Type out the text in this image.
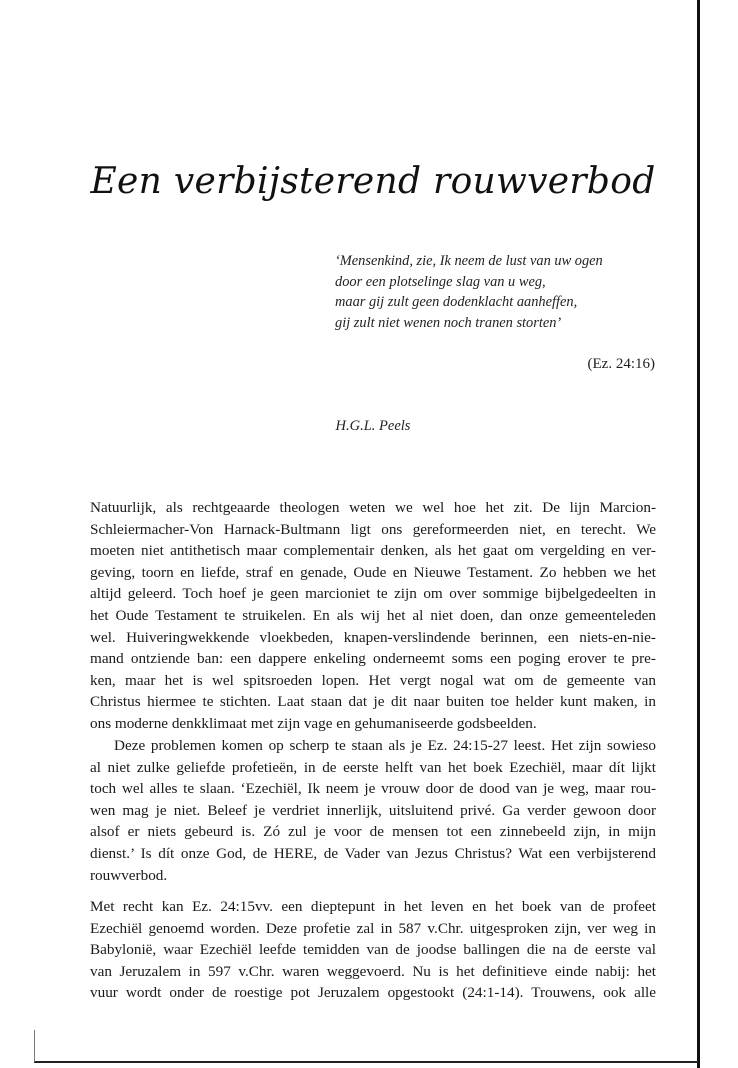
Een verbijsterend rouwverbod
‘Mensenkind, zie, Ik neem de lust van uw ogen
door een plotselinge slag van u weg,
maar gij zult geen dodenklacht aanheffen,
gij zult niet wenen noch tranen storten’
(Ez. 24:16)
H.G.L. Peels
Natuurlijk, als rechtgeaarde theologen weten we wel hoe het zit. De lijn Marcion-
Schleiermacher-Von Harnack-Bultmann ligt ons gereformeerden niet, en terecht. We
moeten niet antithetisch maar complementair denken, als het gaat om vergelding en ver-
geving, toorn en liefde, straf en genade, Oude en Nieuwe Testament. Zo hebben we het
altijd geleerd. Toch hoef je geen marcioniet te zijn om over sommige bijbelgedeelten in
het Oude Testament te struikelen. En als wij het al niet doen, dan onze gemeenteleden
wel. Huiveringwekkende vloekbeden, knapen-verslindende berinnen, een niets-en-nie-
mand ontziende ban: een dappere enkeling onderneemt soms een poging erover te pre-
ken, maar het is wel spitsroeden lopen. Het vergt nogal wat om de gemeente van
Christus hiermee te stichten. Laat staan dat je dit naar buiten toe helder kunt maken, in
ons moderne denkklimaat met zijn vage en gehumaniseerde godsbeelden.
Deze problemen komen op scherp te staan als je Ez. 24:15-27 leest. Het zijn sowieso
al niet zulke geliefde profetieën, in de eerste helft van het boek Ezechiël, maar dít lijkt
toch wel alles te slaan. ‘Ezechiël, Ik neem je vrouw door de dood van je weg, maar rou-
wen mag je niet. Beleef je verdriet innerlijk, uitsluitend privé. Ga verder gewoon door
alsof er niets gebeurd is. Zó zul je voor de mensen tot een zinnebeeld zijn, in mijn
dienst.’ Is dít onze God, de HERE, de Vader van Jezus Christus? Wat een verbijsterend
rouwverbod.
Met recht kan Ez. 24:15vv. een dieptepunt in het leven en het boek van de profeet
Ezechiël genoemd worden. Deze profetie zal in 587 v.Chr. uitgesproken zijn, ver weg in
Babylonië, waar Ezechiël leefde temidden van de joodse ballingen die na de eerste val
van Jeruzalem in 597 v.Chr. waren weggevoerd. Nu is het definitieve einde nabij: het
vuur wordt onder de roestige pot Jeruzalem opgestookt (24:1-14). Trouwens, ook alle
